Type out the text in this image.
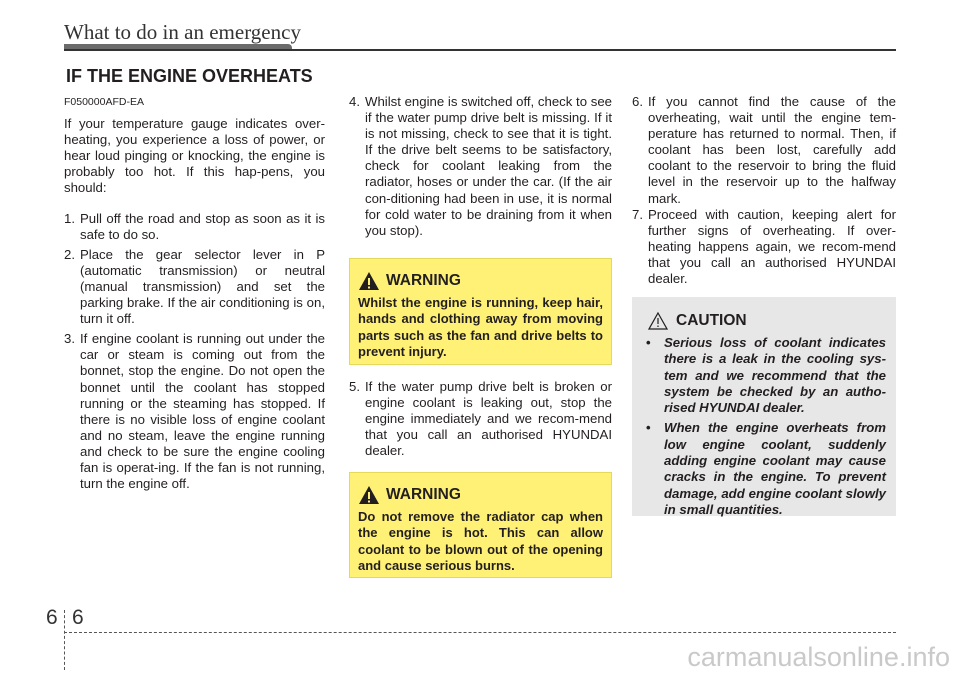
What to do in an emergency
IF THE ENGINE OVERHEATS

F050000AFD-EA

If your temperature gauge indicates over-heating, you experience a loss of power, or hear loud pinging or knocking, the engine is probably too hot. If this hap-pens, you should:

1. Pull off the road and stop as soon as it is safe to do so.
2. Place the gear selector lever in P (automatic transmission) or neutral (manual transmission) and set the parking brake. If the air conditioning is on, turn it off.
3. If engine coolant is running out under the car or steam is coming out from the bonnet, stop the engine. Do not open the bonnet until the coolant has stopped running or the steaming has stopped. If there is no visible loss of engine coolant and no steam, leave the engine running and check to be sure the engine cooling fan is operat-ing. If the fan is not running, turn the engine off.
4. Whilst engine is switched off, check to see if the water pump drive belt is missing. If it is not missing, check to see that it is tight. If the drive belt seems to be satisfactory, check for coolant leaking from the radiator, hoses or under the car. (If the air con-ditioning had been in use, it is normal for cold water to be draining from it when you stop).
WARNING

Whilst the engine is running, keep hair, hands and clothing away from moving parts such as the fan and drive belts to prevent injury.

5. If the water pump drive belt is broken or engine coolant is leaking out, stop the engine immediately and we recom-mend that you call an authorised HYUNDAI dealer.
WARNING

Do not remove the radiator cap when the engine is hot. This can allow coolant to be blown out of the opening and cause serious burns.

6. If you cannot find the cause of the overheating, wait until the engine tem-perature has returned to normal. Then, if coolant has been lost, carefully add coolant to the reservoir to bring the fluid level in the reservoir up to the halfway mark.
7. Proceed with caution, keeping alert for further signs of overheating. If over-heating happens again, we recom-mend that you call an authorised HYUNDAI dealer.
CAUTION
• Serious loss of coolant indicates there is a leak in the cooling sys-tem and we recommend that the system be checked by an autho-rised HYUNDAI dealer.
• When the engine overheats from low engine coolant, suddenly adding engine coolant may cause cracks in the engine. To prevent damage, add engine coolant slowly in small quantities.
6 6
carmanualsonline.info
